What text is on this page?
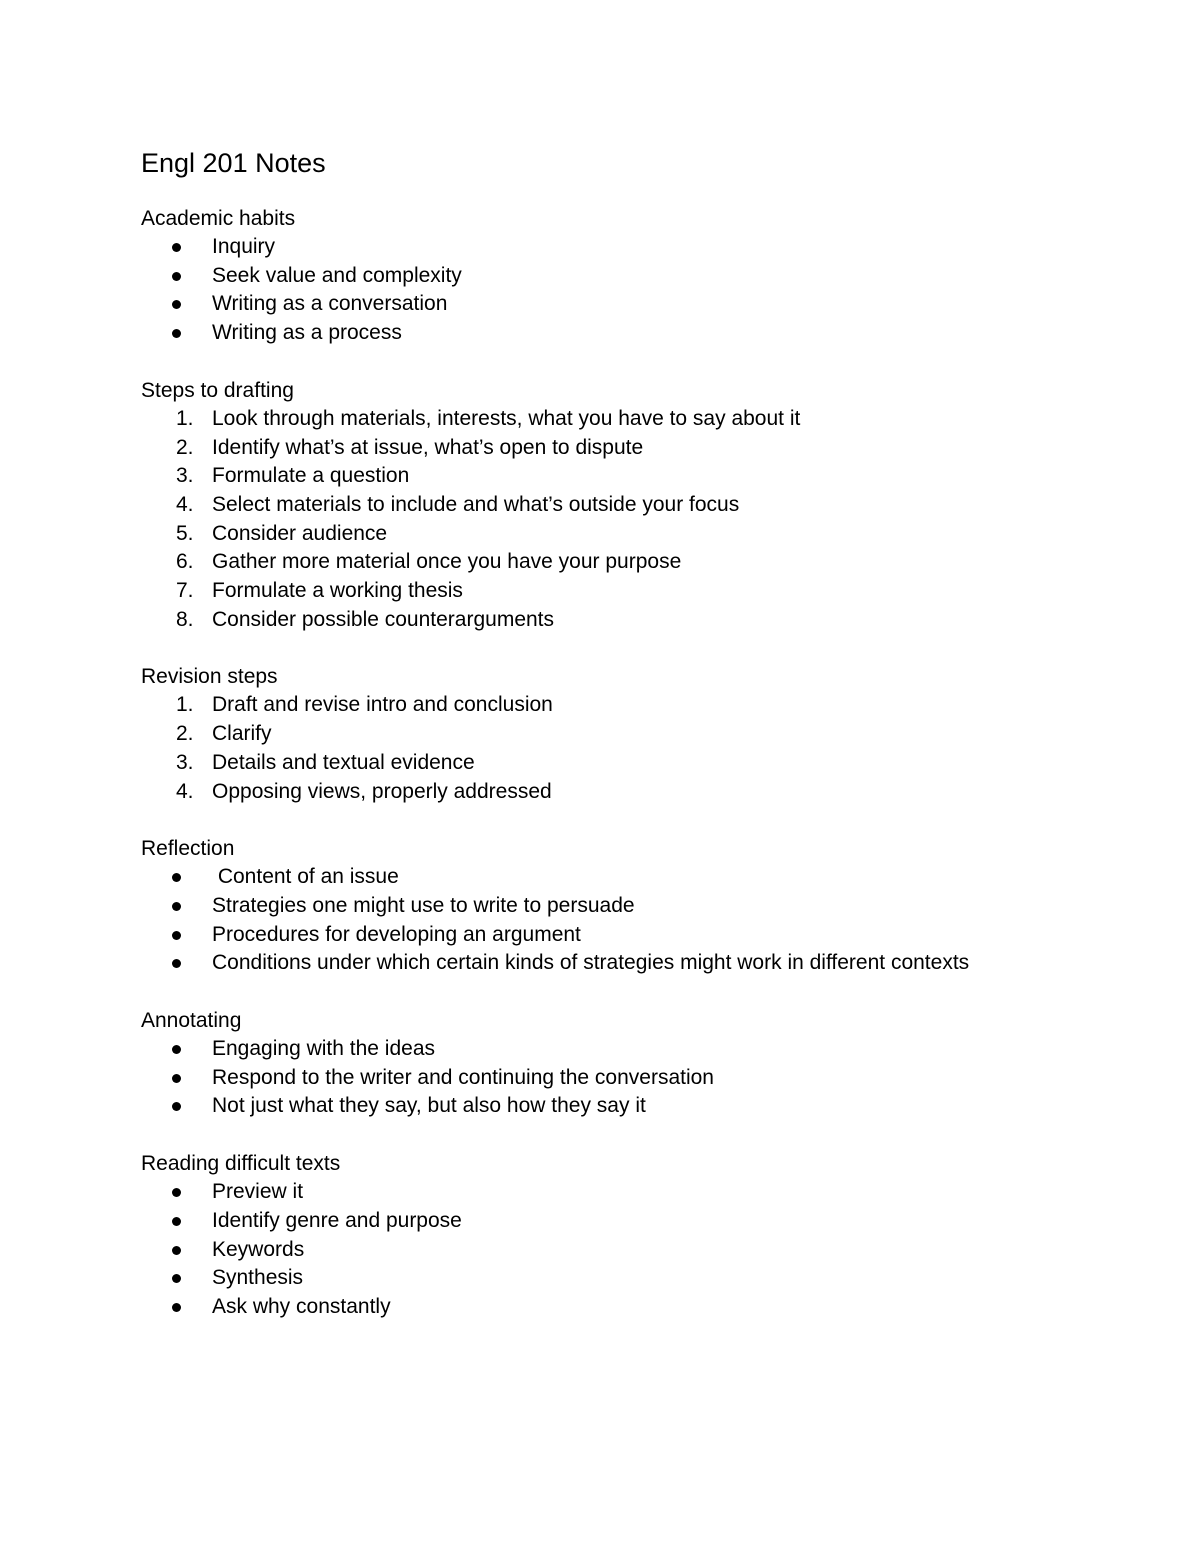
Engl 201 Notes
Academic habits
Inquiry
Seek value and complexity
Writing as a conversation
Writing as a process
Steps to drafting
1. Look through materials, interests, what you have to say about it
2. Identify what’s at issue, what’s open to dispute
3. Formulate a question
4. Select materials to include and what’s outside your focus
5. Consider audience
6. Gather more material once you have your purpose
7. Formulate a working thesis
8. Consider possible counterarguments
Revision steps
1. Draft and revise intro and conclusion
2. Clarify
3. Details and textual evidence
4. Opposing views, properly addressed
Reflection
Content of an issue
Strategies one might use to write to persuade
Procedures for developing an argument
Conditions under which certain kinds of strategies might work in different contexts
Annotating
Engaging with the ideas
Respond to the writer and continuing the conversation
Not just what they say, but also how they say it
Reading difficult texts
Preview it
Identify genre and purpose
Keywords
Synthesis
Ask why constantly
